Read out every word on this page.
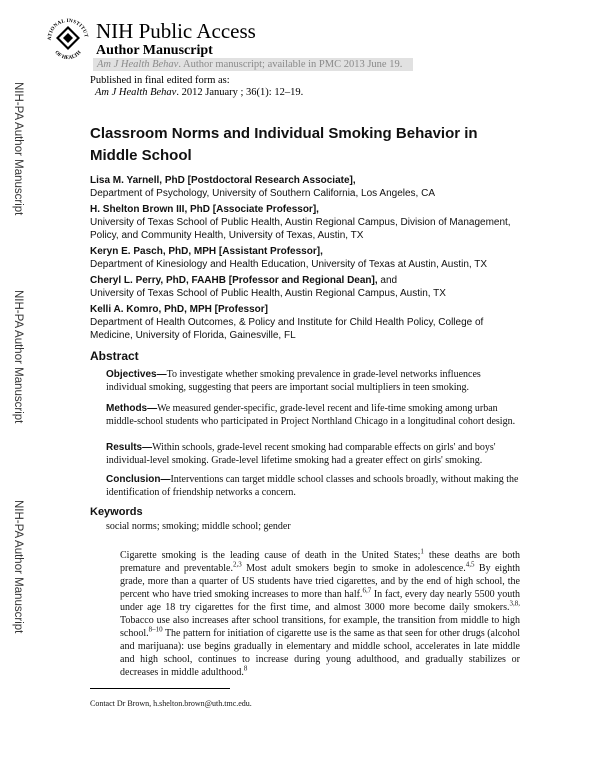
ATIONAL INSTITUT
OF HEALTH
NIH Public Access
Author Manuscript
Am J Health Behav. Author manuscript; available in PMC 2013 June 19.
NIH-PA Author Manuscript
NIH-PA Author Manuscript
NIH-PA Author Manuscript
Published in final edited form as:
Am J Health Behav. 2012 January ; 36(1): 12–19.
Classroom Norms and Individual Smoking Behavior in Middle School
Lisa M. Yarnell, PhD [Postdoctoral Research Associate],
Department of Psychology, University of Southern California, Los Angeles, CA
H. Shelton Brown III, PhD [Associate Professor],
University of Texas School of Public Health, Austin Regional Campus, Division of Management, Policy, and Community Health, University of Texas, Austin, TX
Keryn E. Pasch, PhD, MPH [Assistant Professor],
Department of Kinesiology and Health Education, University of Texas at Austin, Austin, TX
Cheryl L. Perry, PhD, FAAHB [Professor and Regional Dean], and
University of Texas School of Public Health, Austin Regional Campus, Austin, TX
Kelli A. Komro, PhD, MPH [Professor]
Department of Health Outcomes, & Policy and Institute for Child Health Policy, College of Medicine, University of Florida, Gainesville, FL
Abstract
Objectives—To investigate whether smoking prevalence in grade-level networks influences individual smoking, suggesting that peers are important social multipliers in teen smoking.
Methods—We measured gender-specific, grade-level recent and life-time smoking among urban middle-school students who participated in Project Northland Chicago in a longitudinal cohort design.
Results—Within schools, grade-level recent smoking had comparable effects on girls' and boys' individual-level smoking. Grade-level lifetime smoking had a greater effect on girls' smoking.
Conclusion—Interventions can target middle school classes and schools broadly, without making the identification of friendship networks a concern.
Keywords
social norms; smoking; middle school; gender
Cigarette smoking is the leading cause of death in the United States;$^1$ these deaths are both premature and preventable.$^{2,3}$ Most adult smokers begin to smoke in adolescence.$^{4,5}$ By eighth grade, more than a quarter of US students have tried cigarettes, and by the end of high school, the percent who have tried smoking increases to more than half.$^{6,7}$ In fact, every day nearly 5500 youth under age 18 try cigarettes for the first time, and almost 3000 more become daily smokers.$^{3,8,}$ Tobacco use also increases after school transitions, for example, the transition from middle to high school.$^{8-10}$ The pattern for initiation of cigarette use is the same as that seen for other drugs (alcohol and marijuana): use begins gradually in elementary and middle school, accelerates in late middle and high school, continues to increase during young adulthood, and gradually stabilizes or decreases in middle adulthood.$^8$
Contact Dr Brown, h.shelton.brown@uth.tmc.edu.
